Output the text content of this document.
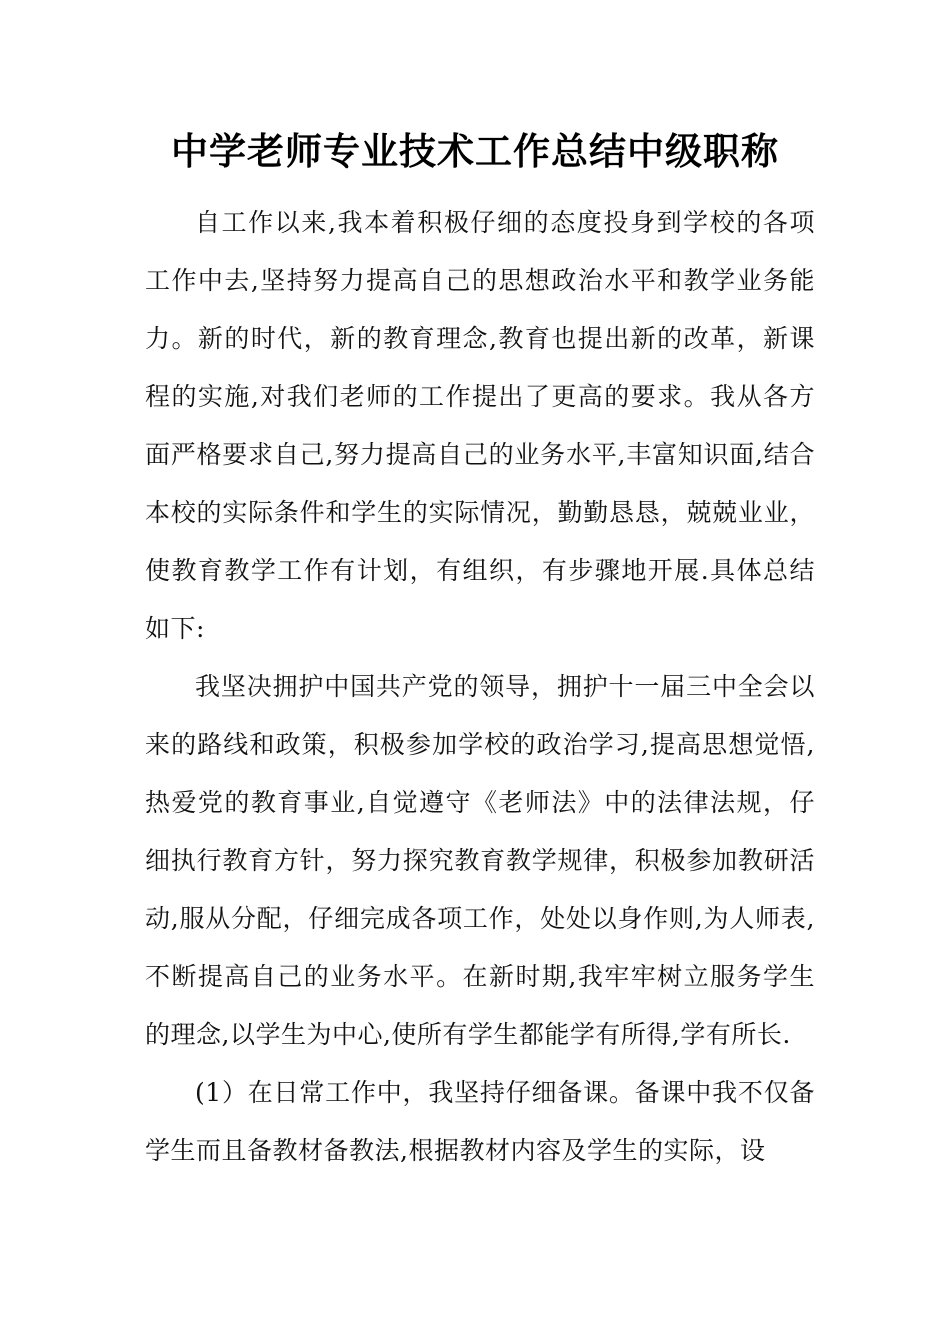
中学老师专业技术工作总结中级职称

自工作以来,我本着积极仔细的态度投身到学校的各项工作中去,坚持努力提高自己的思想政治水平和教学业务能力。新的时代，新的教育理念,教育也提出新的改革，新课程的实施,对我们老师的工作提出了更高的要求。我从各方面严格要求自己,努力提高自己的业务水平,丰富知识面,结合本校的实际条件和学生的实际情况，勤勤恳恳，兢兢业业，使教育教学工作有计划，有组织，有步骤地开展.具体总结如下:

我坚决拥护中国共产党的领导，拥护十一届三中全会以来的路线和政策，积极参加学校的政治学习,提高思想觉悟,热爱党的教育事业,自觉遵守《老师法》中的法律法规，仔细执行教育方针，努力探究教育教学规律，积极参加教研活动,服从分配，仔细完成各项工作，处处以身作则,为人师表,不断提高自己的业务水平。在新时期,我牢牢树立服务学生的理念,以学生为中心,使所有学生都能学有所得,学有所长.

(1）在日常工作中，我坚持仔细备课。备课中我不仅备学生而且备教材备教法,根据教材内容及学生的实际，设
